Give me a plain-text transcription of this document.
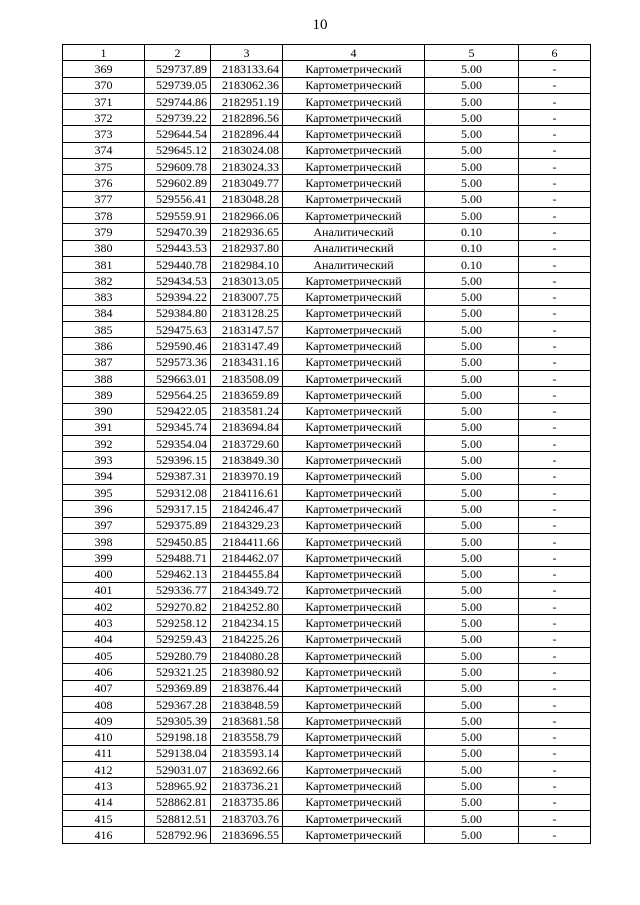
10
1	2	3	4	5	6
369	529737.89	2183133.64	Картометрический	5.00	-
370	529739.05	2183062.36	Картометрический	5.00	-
371	529744.86	2182951.19	Картометрический	5.00	-
372	529739.22	2182896.56	Картометрический	5.00	-
373	529644.54	2182896.44	Картометрический	5.00	-
374	529645.12	2183024.08	Картометрический	5.00	-
375	529609.78	2183024.33	Картометрический	5.00	-
376	529602.89	2183049.77	Картометрический	5.00	-
377	529556.41	2183048.28	Картометрический	5.00	-
378	529559.91	2182966.06	Картометрический	5.00	-
379	529470.39	2182936.65	Аналитический	0.10	-
380	529443.53	2182937.80	Аналитический	0.10	-
381	529440.78	2182984.10	Аналитический	0.10	-
382	529434.53	2183013.05	Картометрический	5.00	-
383	529394.22	2183007.75	Картометрический	5.00	-
384	529384.80	2183128.25	Картометрический	5.00	-
385	529475.63	2183147.57	Картометрический	5.00	-
386	529590.46	2183147.49	Картометрический	5.00	-
387	529573.36	2183431.16	Картометрический	5.00	-
388	529663.01	2183508.09	Картометрический	5.00	-
389	529564.25	2183659.89	Картометрический	5.00	-
390	529422.05	2183581.24	Картометрический	5.00	-
391	529345.74	2183694.84	Картометрический	5.00	-
392	529354.04	2183729.60	Картометрический	5.00	-
393	529396.15	2183849.30	Картометрический	5.00	-
394	529387.31	2183970.19	Картометрический	5.00	-
395	529312.08	2184116.61	Картометрический	5.00	-
396	529317.15	2184246.47	Картометрический	5.00	-
397	529375.89	2184329.23	Картометрический	5.00	-
398	529450.85	2184411.66	Картометрический	5.00	-
399	529488.71	2184462.07	Картометрический	5.00	-
400	529462.13	2184455.84	Картометрический	5.00	-
401	529336.77	2184349.72	Картометрический	5.00	-
402	529270.82	2184252.80	Картометрический	5.00	-
403	529258.12	2184234.15	Картометрический	5.00	-
404	529259.43	2184225.26	Картометрический	5.00	-
405	529280.79	2184080.28	Картометрический	5.00	-
406	529321.25	2183980.92	Картометрический	5.00	-
407	529369.89	2183876.44	Картометрический	5.00	-
408	529367.28	2183848.59	Картометрический	5.00	-
409	529305.39	2183681.58	Картометрический	5.00	-
410	529198.18	2183558.79	Картометрический	5.00	-
411	529138.04	2183593.14	Картометрический	5.00	-
412	529031.07	2183692.66	Картометрический	5.00	-
413	528965.92	2183736.21	Картометрический	5.00	-
414	528862.81	2183735.86	Картометрический	5.00	-
415	528812.51	2183703.76	Картометрический	5.00	-
416	528792.96	2183696.55	Картометрический	5.00	-
